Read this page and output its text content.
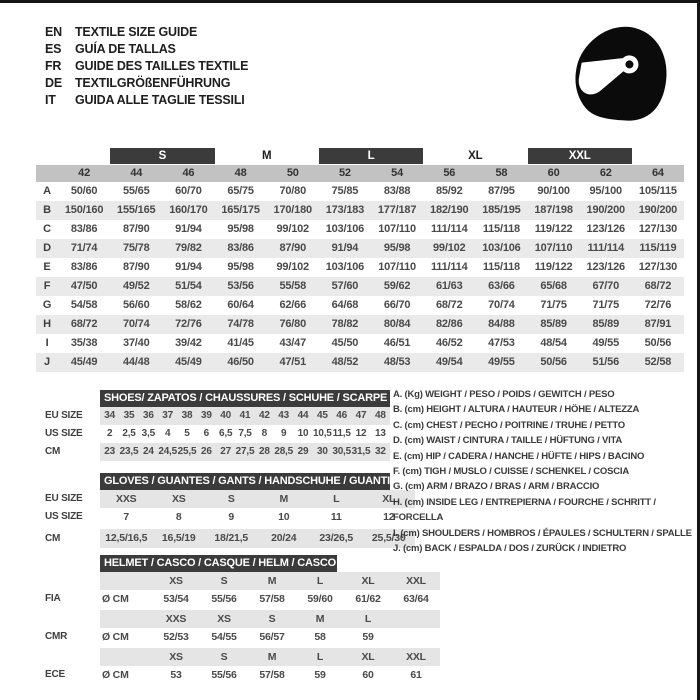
EN	TEXTILE SIZE GUIDE
ES	GUÍA DE TALLAS
FR	GUIDE DES TAILLES TEXTILE
DE	TEXTILGRÖßENFÜHRUNG
IT	GUIDA ALLE TAGLIE TESSILI
S	M	L	XL	XXL
42	44	46	48	50	52	54	56	58	60	62	64
A	50/60	55/65	60/70	65/75	70/80	75/85	83/88	85/92	87/95	90/100	95/100	105/115
B	150/160	155/165	160/170	165/175	170/180	173/183	177/187	182/190	185/195	187/198	190/200	190/200
C	83/86	87/90	91/94	95/98	99/102	103/106	107/110	111/114	115/118	119/122	123/126	127/130
D	71/74	75/78	79/82	83/86	87/90	91/94	95/98	99/102	103/106	107/110	111/114	115/119
E	83/86	87/90	91/94	95/98	99/102	103/106	107/110	111/114	115/118	119/122	123/126	127/130
F	47/50	49/52	51/54	53/56	55/58	57/60	59/62	61/63	63/66	65/68	67/70	68/72
G	54/58	56/60	58/62	60/64	62/66	64/68	66/70	68/72	70/74	71/75	71/75	72/76
H	68/72	70/74	72/76	74/78	76/80	78/82	80/84	82/86	84/88	85/89	85/89	87/91
I	35/38	37/40	39/42	41/45	43/47	45/50	46/51	46/52	47/53	48/54	49/55	50/56
J	45/49	44/48	45/49	46/50	47/51	48/52	48/53	49/54	49/55	50/56	51/56	52/58
SHOES/ ZAPATOS / CHAUSSURES / SCHUHE / SCARPE
EU SIZE	34 35 36 37 38 39 40 41 42 43 44 45 46 47 48
US SIZE	2 2,5 3,5 4	5	6 6,5 7,5	8	9	10 10,5 11,5 12 13
CM	23 23,5 24 24,5 25,5 26 27 27,5 28 28,5 29 30 30,5 31,5 32
GLOVES / GUANTES / GANTS / HANDSCHUHE / GUANTI
EU SIZE	XXS	XS	S	M	L	XL
US SIZE	7	8	9	10	11	12
CM	12,5/16,5	16,5/19	18/21,5	20/24	23/26,5	25,5/30
HELMET / CASCO / CASQUE / HELM / CASCO
XS	S	M	L	XL	XXL
FIA	Ø CM	53/54	55/56	57/58	59/60	61/62	63/64
XXS	XS	S	M	L
CMR	Ø CM	52/53	54/55	56/57	58	59
XS	S	M	L	XL	XXL
ECE	Ø CM	53	55/56	57/58	59	60	61
A. (Kg) WEIGHT / PESO / POIDS / GEWITCH / PESO
B. (cm) HEIGHT / ALTURA / HAUTEUR / HÖHE / ALTEZZA
C. (cm) CHEST / PECHO / POITRINE / TRUHE / PETTO
D. (cm) WAIST / CINTURA / TAILLE / HÜFTUNG / VITA
E. (cm) HIP / CADERA / HANCHE / HÜFTE / HIPS / BACINO
F. (cm) TIGH / MUSLO / CUISSE / SCHENKEL / COSCIA
G. (cm) ARM / BRAZO / BRAS / ARM / BRACCIO
H. (cm) INSIDE LEG / ENTREPIERNA / FOURCHE / SCHRITT / FORCELLA
I. (cm) SHOULDERS / HOMBROS / ÉPAULES / SCHULTERN / SPALLE
J. (cm) BACK / ESPALDA / DOS / ZURÜCK / INDIETRO
